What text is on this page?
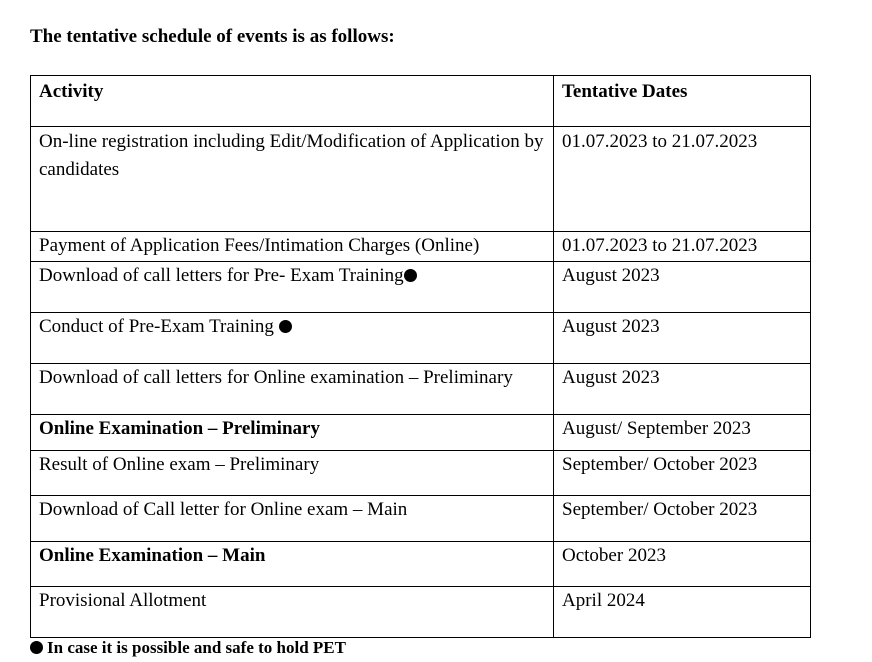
The tentative schedule of events is as follows:
Activity	Tentative Dates

On-line registration including Edit/Modification of Application by candidates	01.07.2023 to 21.07.2023

Payment of Application Fees/Intimation Charges (Online)	01.07.2023 to 21.07.2023

Download of call letters for Pre- Exam Training	August 2023

Conduct of Pre-Exam Training	August 2023

Download of call letters for Online examination – Preliminary	August 2023

Online Examination – Preliminary	August/ September 2023

Result of Online exam – Preliminary	September/ October 2023

Download of Call letter for Online exam – Main	September/ October 2023

Online Examination – Main	October 2023

Provisional Allotment	April 2024
In case it is possible and safe to hold PET
